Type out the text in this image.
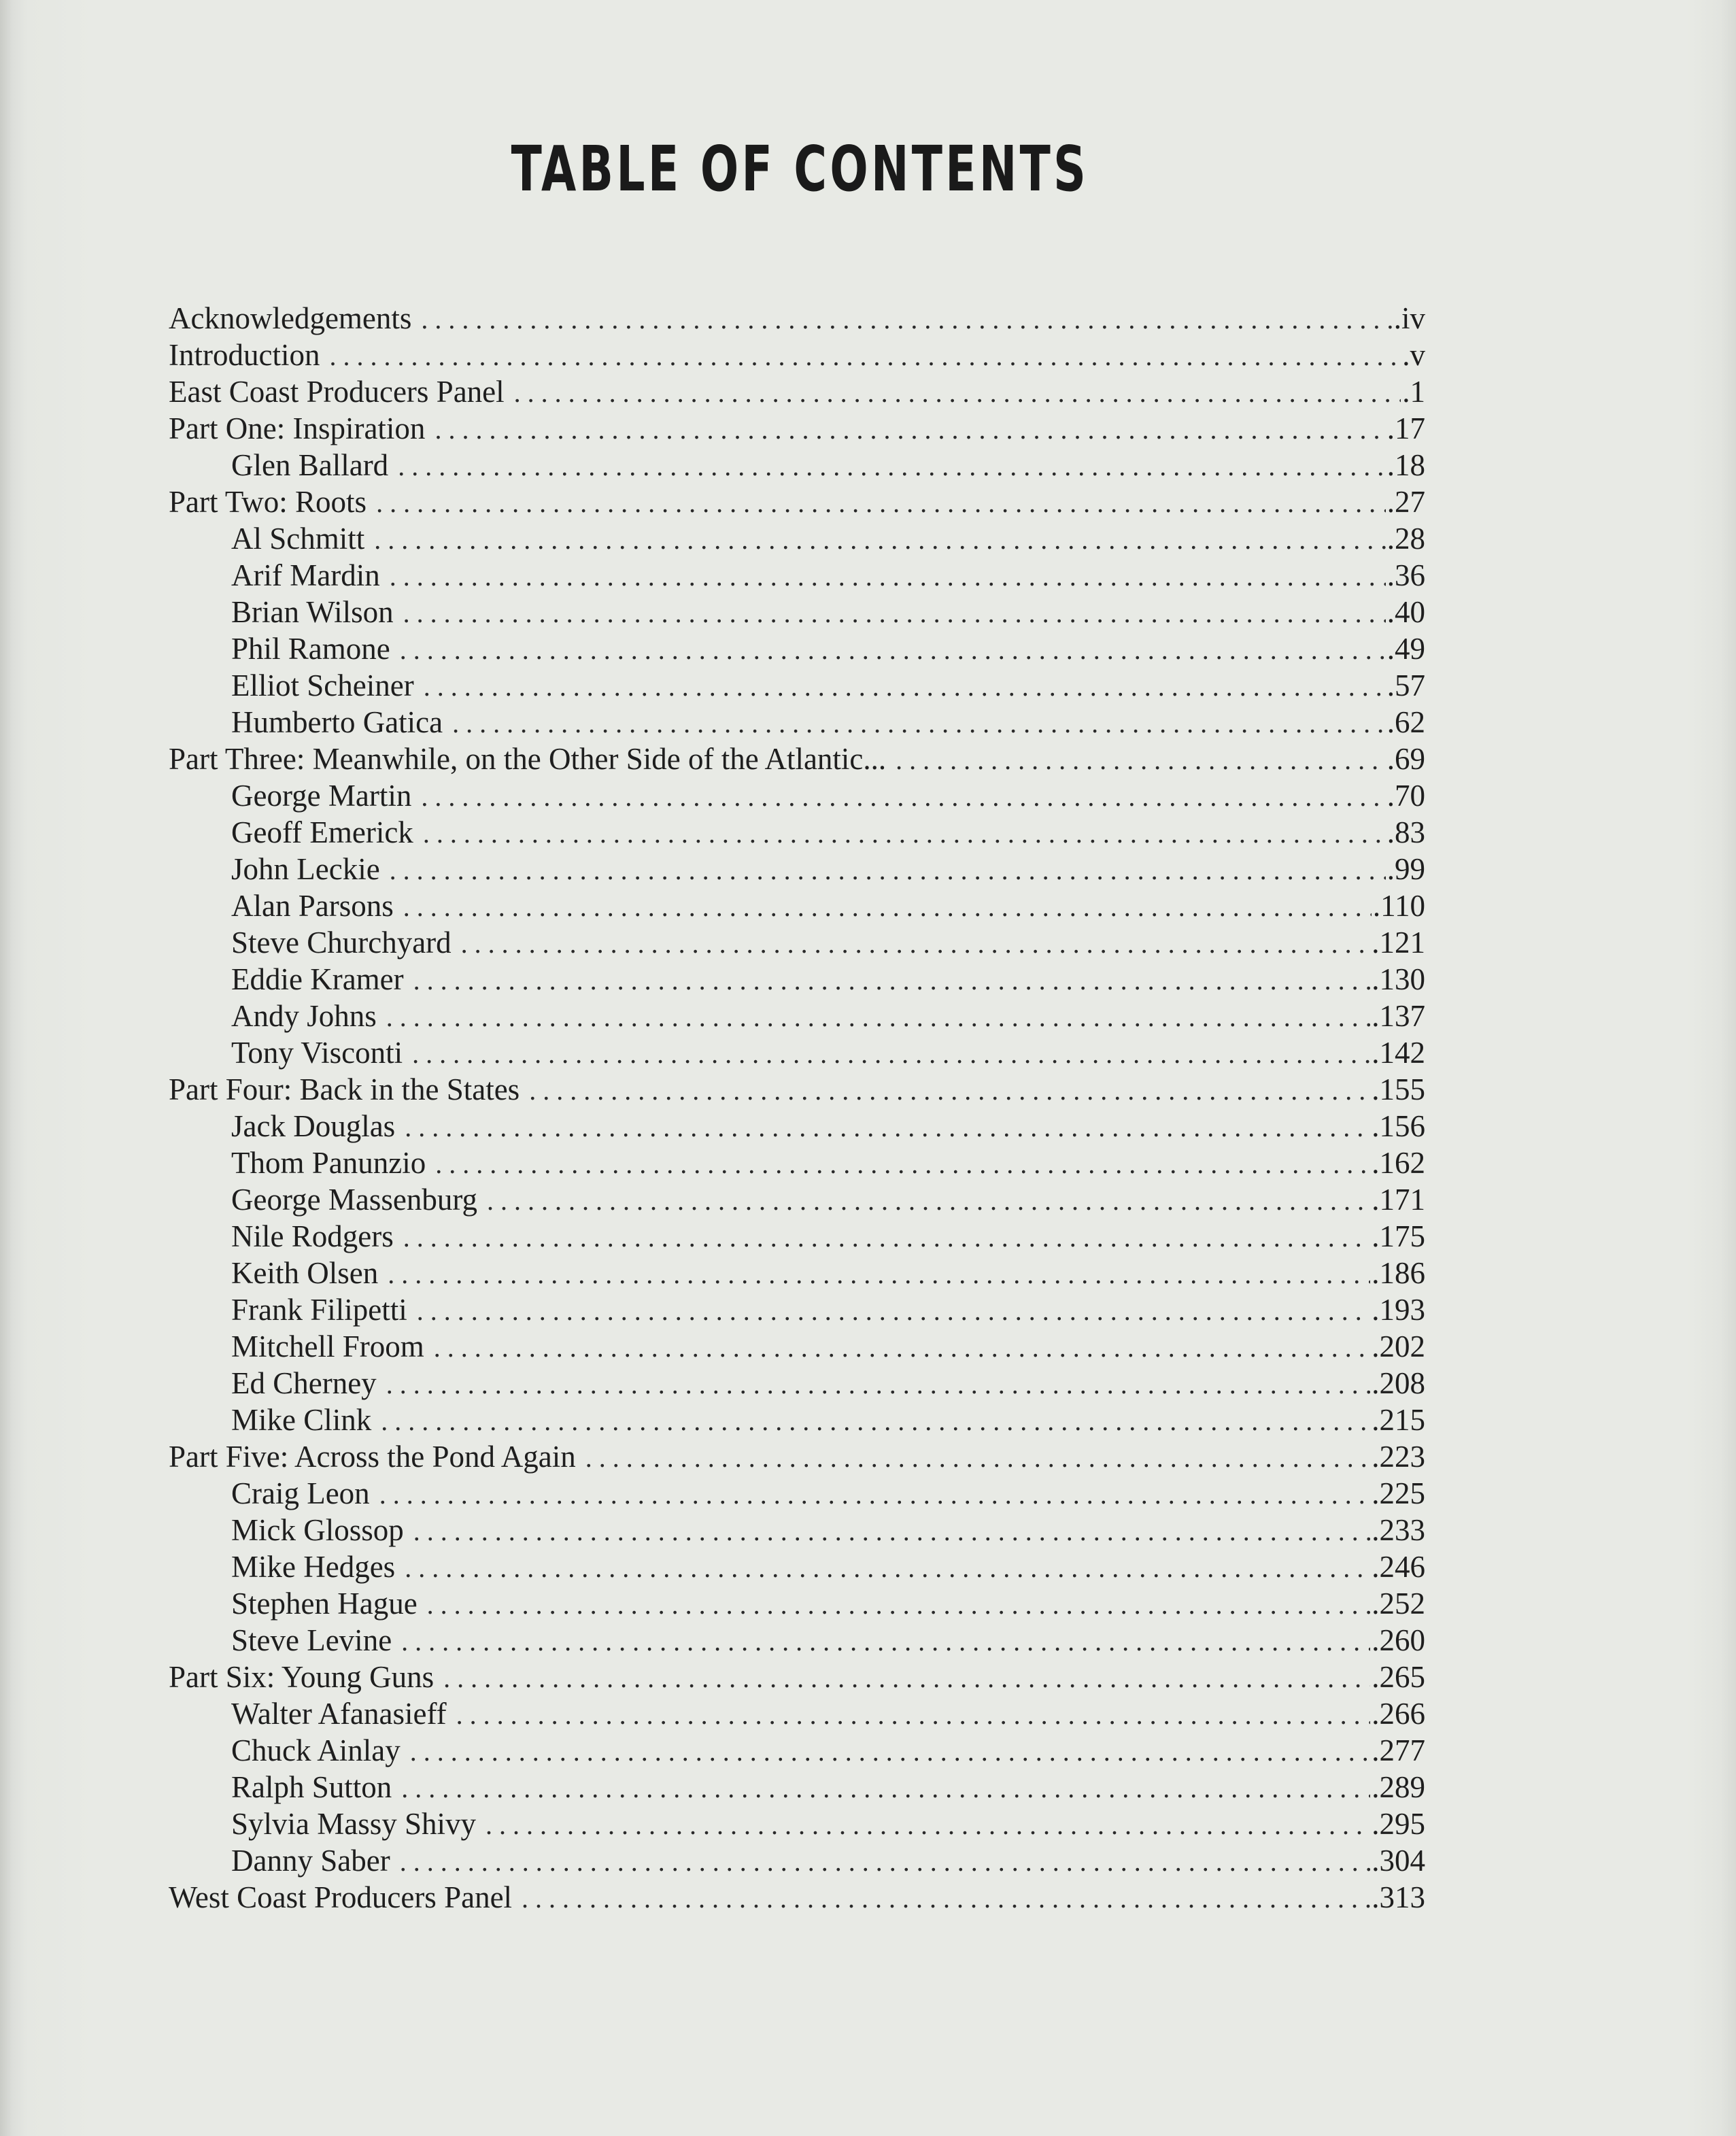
TABLE OF CONTENTS
Acknowledgements . . .	.iv
Introduction . . .	.v
East Coast Producers Panel . . .	.1
Part One: Inspiration . . .	.17
Glen Ballard . . .	.18
Part Two: Roots . . .	.27
Al Schmitt . . .	.28
Arif Mardin . . .	.36
Brian Wilson . . .	.40
Phil Ramone . . .	.49
Elliot Scheiner . . .	.57
Humberto Gatica . . .	.62
Part Three: Meanwhile, on the Other Side of the Atlantic... . . .	.69
George Martin . . .	.70
Geoff Emerick . . .	.83
John Leckie . . .	.99
Alan Parsons . . .	.110
Steve Churchyard . . .	.121
Eddie Kramer . . .	.130
Andy Johns . . .	.137
Tony Visconti . . .	.142
Part Four: Back in the States . . .	.155
Jack Douglas . . .	.156
Thom Panunzio . . .	.162
George Massenburg . . .	.171
Nile Rodgers . . .	.175
Keith Olsen . . .	.186
Frank Filipetti . . .	.193
Mitchell Froom . . .	.202
Ed Cherney . . .	.208
Mike Clink . . .	.215
Part Five: Across the Pond Again . . .	.223
Craig Leon . . .	.225
Mick Glossop . . .	.233
Mike Hedges . . .	.246
Stephen Hague . . .	.252
Steve Levine . . .	.260
Part Six: Young Guns . . .	.265
Walter Afanasieff . . .	.266
Chuck Ainlay . . .	.277
Ralph Sutton . . .	.289
Sylvia Massy Shivy . . .	.295
Danny Saber . . .	.304
West Coast Producers Panel . . .	.313
